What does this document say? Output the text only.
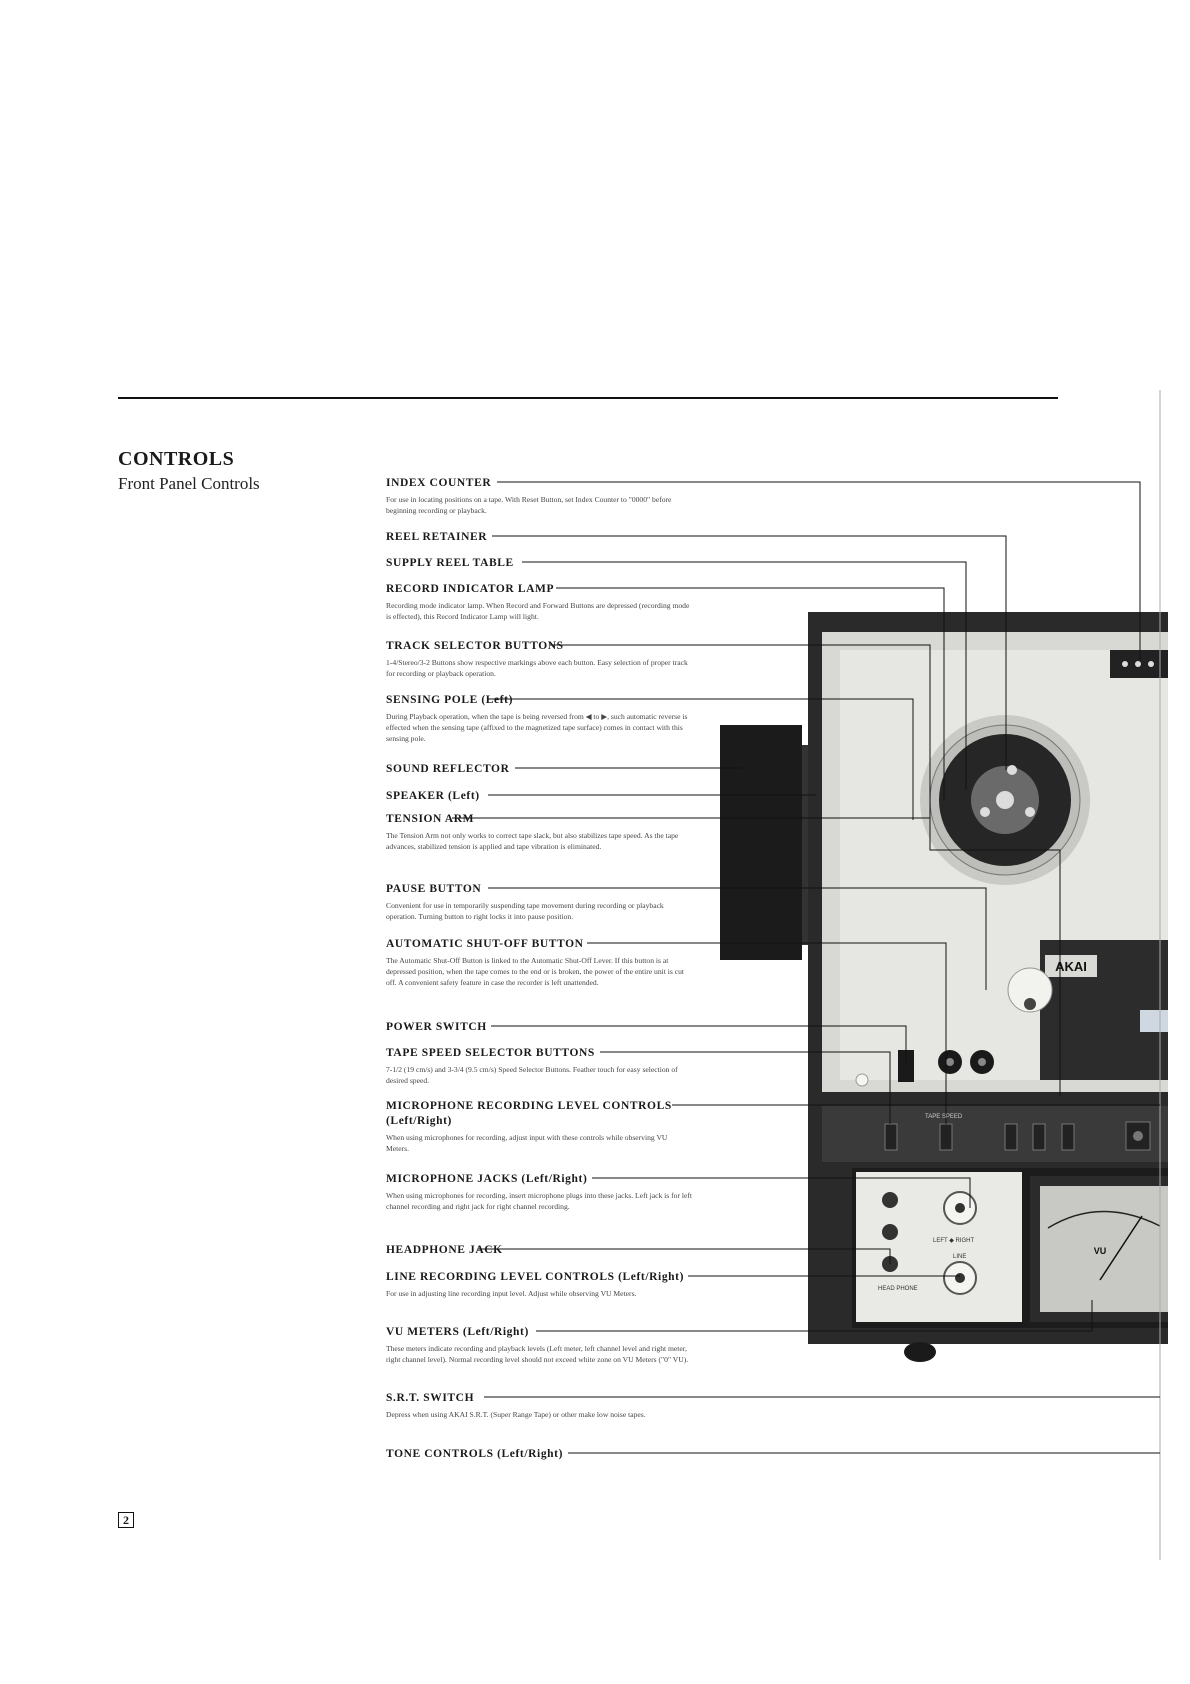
CONTROLS
Front Panel Controls
AKAI
TAPE SPEED
HEAD PHONE
LEFT ◆ RIGHT
LINE
VU
INDEX COUNTER

For use in locating positions on a tape. With Reset Button, set Index Counter to "0000" before beginning recording or playback.

REEL RETAINER
SUPPLY REEL TABLE
RECORD INDICATOR LAMP

Recording mode indicator lamp. When Record and Forward Buttons are depressed (recording mode is effected), this Record Indicator Lamp will light.

TRACK SELECTOR BUTTONS

1-4/Stereo/3-2 Buttons show respective markings above each button. Easy selection of proper track for recording or playback operation.

SENSING POLE (Left)

During Playback operation, when the tape is being reversed from ◀ to ▶, such automatic reverse is effected when the sensing tape (affixed to the magnetized tape surface) comes in contact with this sensing pole.

SOUND REFLECTOR
SPEAKER (Left)
TENSION ARM

The Tension Arm not only works to correct tape slack, but also stabilizes tape speed. As the tape advances, stabilized tension is applied and tape vibration is eliminated.

PAUSE BUTTON

Convenient for use in temporarily suspending tape movement during recording or playback operation. Turning button to right locks it into pause position.

AUTOMATIC SHUT-OFF BUTTON

The Automatic Shut-Off Button is linked to the Automatic Shut-Off Lever. If this button is at depressed position, when the tape comes to the end or is broken, the power of the entire unit is cut off. A convenient safety feature in case the recorder is left unattended.

POWER SWITCH
TAPE SPEED SELECTOR BUTTONS

7-1/2 (19 cm/s) and 3-3/4 (9.5 cm/s) Speed Selector Buttons. Feather touch for easy selection of desired speed.

MICROPHONE RECORDING LEVEL CONTROLS (Left/Right)

When using microphones for recording, adjust input with these controls while observing VU Meters.

MICROPHONE JACKS (Left/Right)

When using microphones for recording, insert microphone plugs into these jacks. Left jack is for left channel recording and right jack for right channel recording.

HEADPHONE JACK
LINE RECORDING LEVEL CONTROLS (Left/Right)

For use in adjusting line recording input level. Adjust while observing VU Meters.

VU METERS (Left/Right)

These meters indicate recording and playback levels (Left meter, left channel level and right meter, right channel level). Normal recording level should not exceed white zone on VU Meters ("0" VU).

S.R.T. SWITCH

Depress when using AKAI S.R.T. (Super Range Tape) or other make low noise tapes.

TONE CONTROLS (Left/Right)
2
